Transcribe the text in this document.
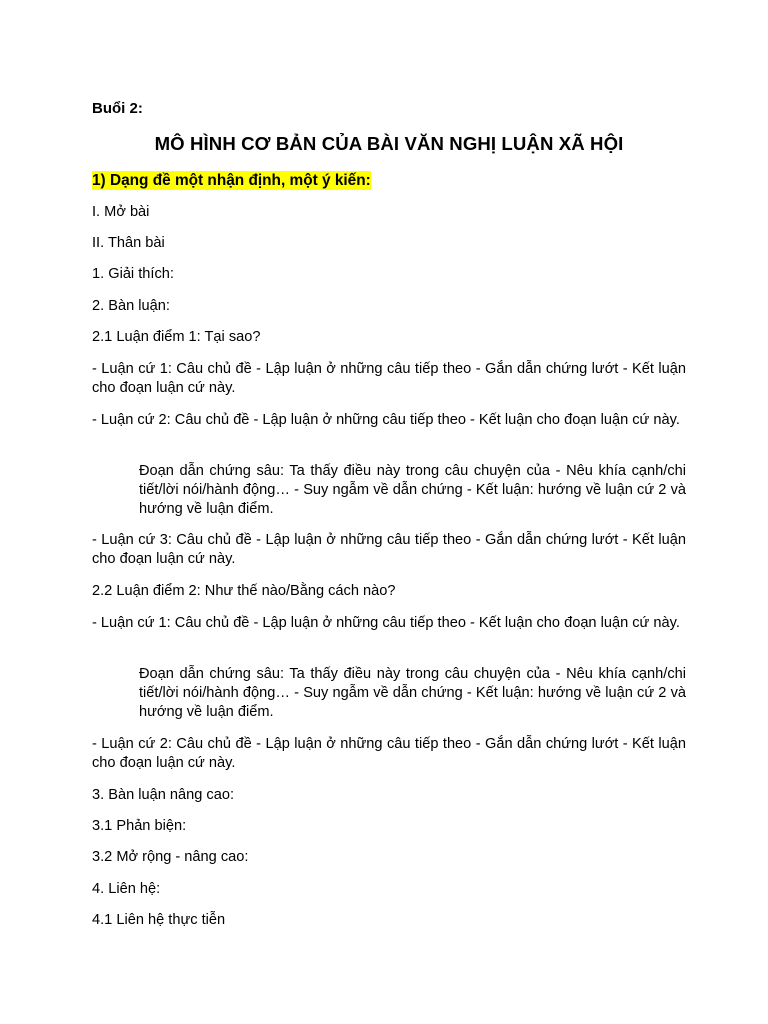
Buổi 2:

MÔ HÌNH CƠ BẢN CỦA BÀI VĂN NGHỊ LUẬN XÃ HỘI

1) Dạng đề một nhận định, một ý kiến:

I. Mở bài

II. Thân bài

1. Giải thích:

2. Bàn luận:

2.1 Luận điểm 1: Tại sao?

- Luận cứ 1: Câu chủ đề - Lập luận ở những câu tiếp theo - Gắn dẫn chứng lướt - Kết luận cho đoạn luận cứ này.

- Luận cứ 2: Câu chủ đề - Lập luận ở những câu tiếp theo - Kết luận cho đoạn luận cứ này.

Đoạn dẫn chứng sâu: Ta thấy điều này trong câu chuyện của - Nêu khía cạnh/chi tiết/lời nói/hành động… - Suy ngẫm về dẫn chứng - Kết luận: hướng về luận cứ 2 và hướng về luận điểm.

- Luận cứ 3: Câu chủ đề - Lập luận ở những câu tiếp theo - Gắn dẫn chứng lướt - Kết luận cho đoạn luận cứ này.

2.2 Luận điểm 2: Như thế nào/Bằng cách nào?

- Luận cứ 1: Câu chủ đề - Lập luận ở những câu tiếp theo - Kết luận cho đoạn luận cứ này.

Đoạn dẫn chứng sâu: Ta thấy điều này trong câu chuyện của - Nêu khía cạnh/chi tiết/lời nói/hành động… - Suy ngẫm về dẫn chứng - Kết luận: hướng về luận cứ 2 và hướng về luận điểm.

- Luận cứ 2: Câu chủ đề - Lập luận ở những câu tiếp theo - Gắn dẫn chứng lướt - Kết luận cho đoạn luận cứ này.

3. Bàn luận nâng cao:

3.1 Phản biện:

3.2 Mở rộng - nâng cao:

4. Liên hệ:

4.1 Liên hệ thực tiễn
